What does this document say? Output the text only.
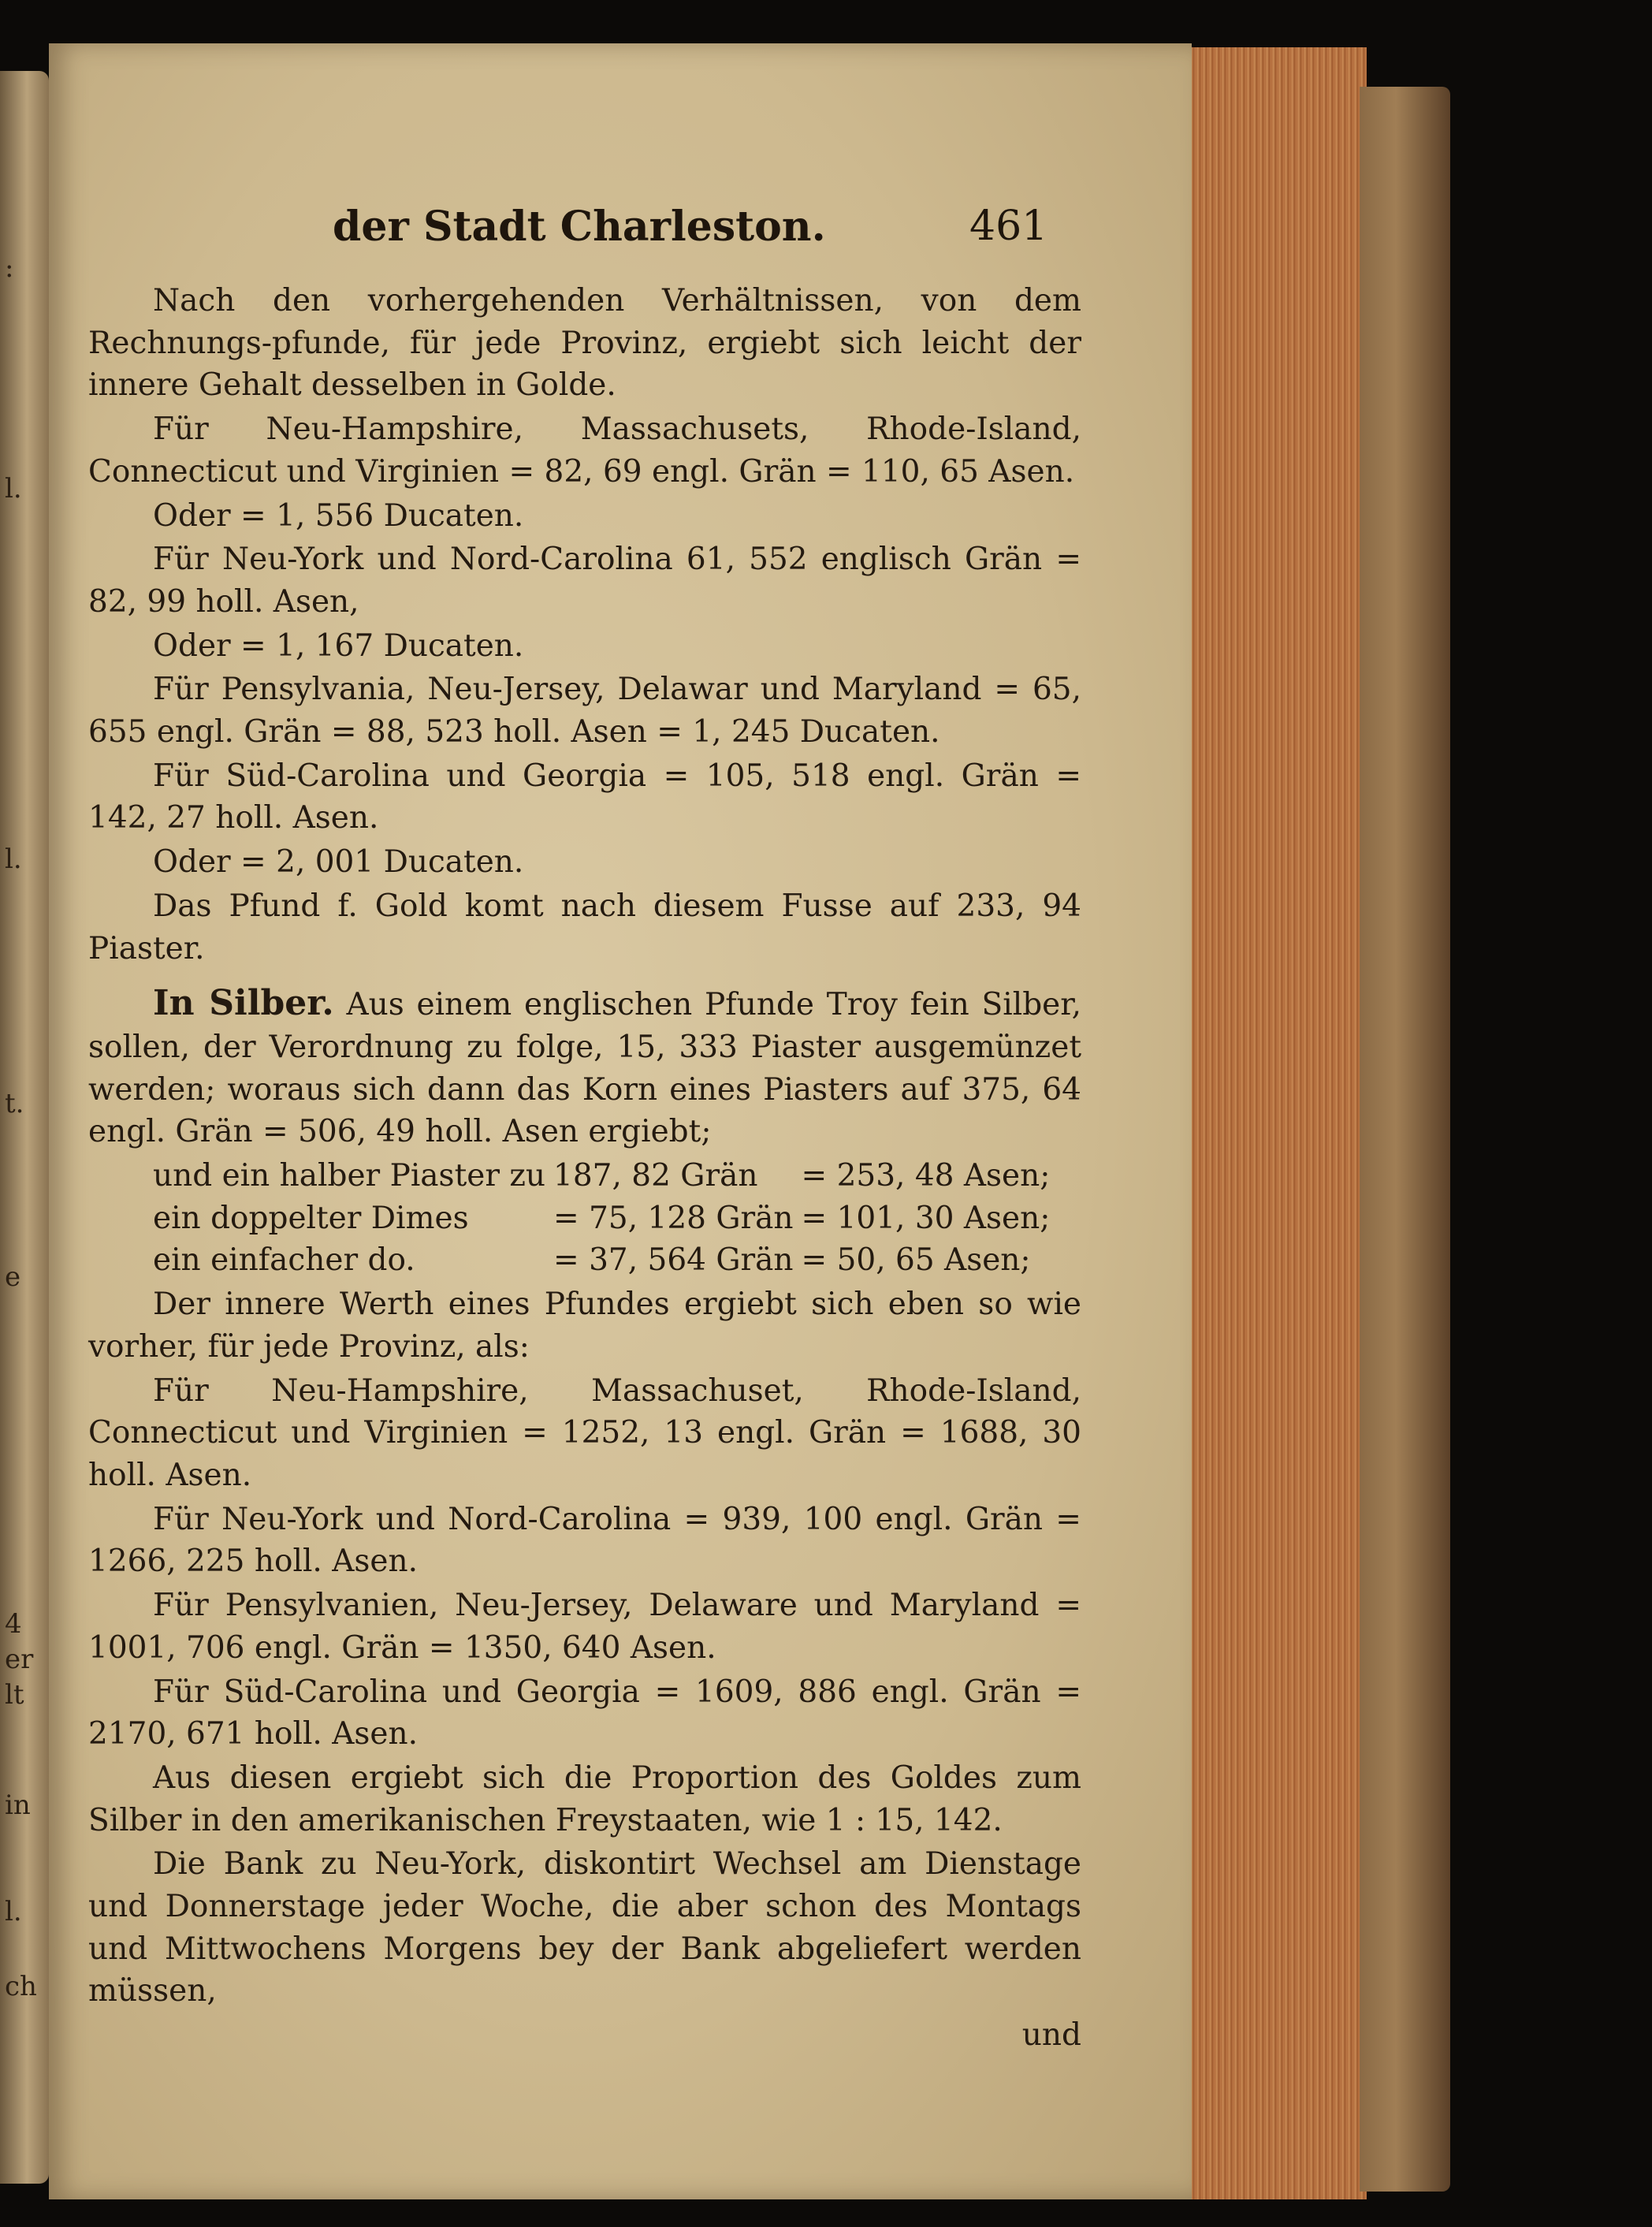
:
l.
l.
t.
e
4
er
lt
in
l.
ch
der Stadt Charleston.	461

Nach den vorhergehenden Verhältnissen, von dem Rechnungs-pfunde, für jede Provinz, ergiebt sich leicht der innere Gehalt desselben in Golde.

Für Neu-Hampshire, Massachusets, Rhode-Island, Connecticut und Virginien = 82, 69 engl. Grän = 110, 65 Asen.

Oder = 1, 556 Ducaten.

Für Neu-York und Nord-Carolina 61, 552 englisch Grän = 82, 99 holl. Asen,

Oder = 1, 167 Ducaten.

Für Pensylvania, Neu-Jersey, Delawar und Maryland = 65, 655 engl. Grän = 88, 523 holl. Asen = 1, 245 Ducaten.

Für Süd-Carolina und Georgia = 105, 518 engl. Grän = 142, 27 holl. Asen.

Oder = 2, 001 Ducaten.

Das Pfund f. Gold komt nach diesem Fusse auf 233, 94 Piaster.

In Silber. Aus einem englischen Pfunde Troy fein Silber, sollen, der Verordnung zu folge, 15, 333 Piaster ausgemünzet werden; woraus sich dann das Korn eines Piasters auf 375, 64 engl. Grän = 506, 49 holl. Asen ergiebt;

und ein halber Piaster zu	187, 82 Grän	= 253, 48 Asen;
ein doppelter Dimes	= 75, 128 Grän	= 101, 30 Asen;
ein einfacher do.	= 37, 564 Grän	= 50, 65 Asen;

Der innere Werth eines Pfundes ergiebt sich eben so wie vorher, für jede Provinz, als:

Für Neu-Hampshire, Massachuset, Rhode-Island, Connecticut und Virginien = 1252, 13 engl. Grän = 1688, 30 holl. Asen.

Für Neu-York und Nord-Carolina = 939, 100 engl. Grän = 1266, 225 holl. Asen.

Für Pensylvanien, Neu-Jersey, Delaware und Maryland = 1001, 706 engl. Grän = 1350, 640 Asen.

Für Süd-Carolina und Georgia = 1609, 886 engl. Grän = 2170, 671 holl. Asen.

Aus diesen ergiebt sich die Proportion des Goldes zum Silber in den amerikanischen Freystaaten, wie 1 : 15, 142.

Die Bank zu Neu-York, diskontirt Wechsel am Dienstage und Donnerstage jeder Woche, die aber schon des Montags und Mittwochens Morgens bey der Bank abgeliefert werden müssen,

und
